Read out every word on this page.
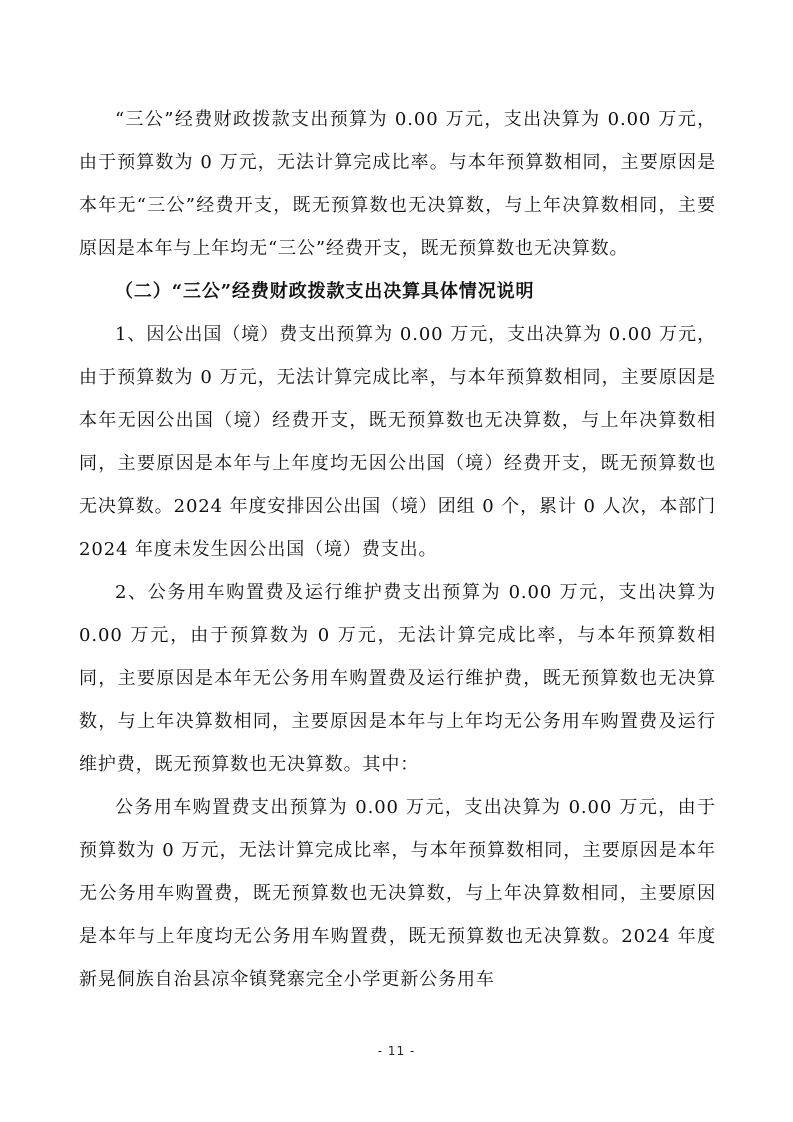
“三公”经费财政拨款支出预算为 0.00 万元，支出决算为 0.00 万元，由于预算数为 0 万元，无法计算完成比率。与本年预算数相同，主要原因是本年无“三公”经费开支，既无预算数也无决算数，与上年决算数相同，主要原因是本年与上年均无“三公”经费开支，既无预算数也无决算数。

（二）“三公”经费财政拨款支出决算具体情况说明

1、因公出国（境）费支出预算为 0.00 万元，支出决算为 0.00 万元，由于预算数为 0 万元，无法计算完成比率，与本年预算数相同，主要原因是本年无因公出国（境）经费开支，既无预算数也无决算数，与上年决算数相同，主要原因是本年与上年度均无因公出国（境）经费开支，既无预算数也无决算数。2024 年度安排因公出国（境）团组 0 个，累计 0 人次，本部门 2024 年度未发生因公出国（境）费支出。

2、公务用车购置费及运行维护费支出预算为 0.00 万元，支出决算为 0.00 万元，由于预算数为 0 万元，无法计算完成比率，与本年预算数相同，主要原因是本年无公务用车购置费及运行维护费，既无预算数也无决算数，与上年决算数相同，主要原因是本年与上年均无公务用车购置费及运行维护费，既无预算数也无决算数。其中：

公务用车购置费支出预算为 0.00 万元，支出决算为 0.00 万元，由于预算数为 0 万元，无法计算完成比率，与本年预算数相同，主要原因是本年无公务用车购置费，既无预算数也无决算数，与上年决算数相同，主要原因是本年与上年度均无公务用车购置费，既无预算数也无决算数。2024 年度新晃侗族自治县凉伞镇凳寨完全小学更新公务用车

- 11 -
